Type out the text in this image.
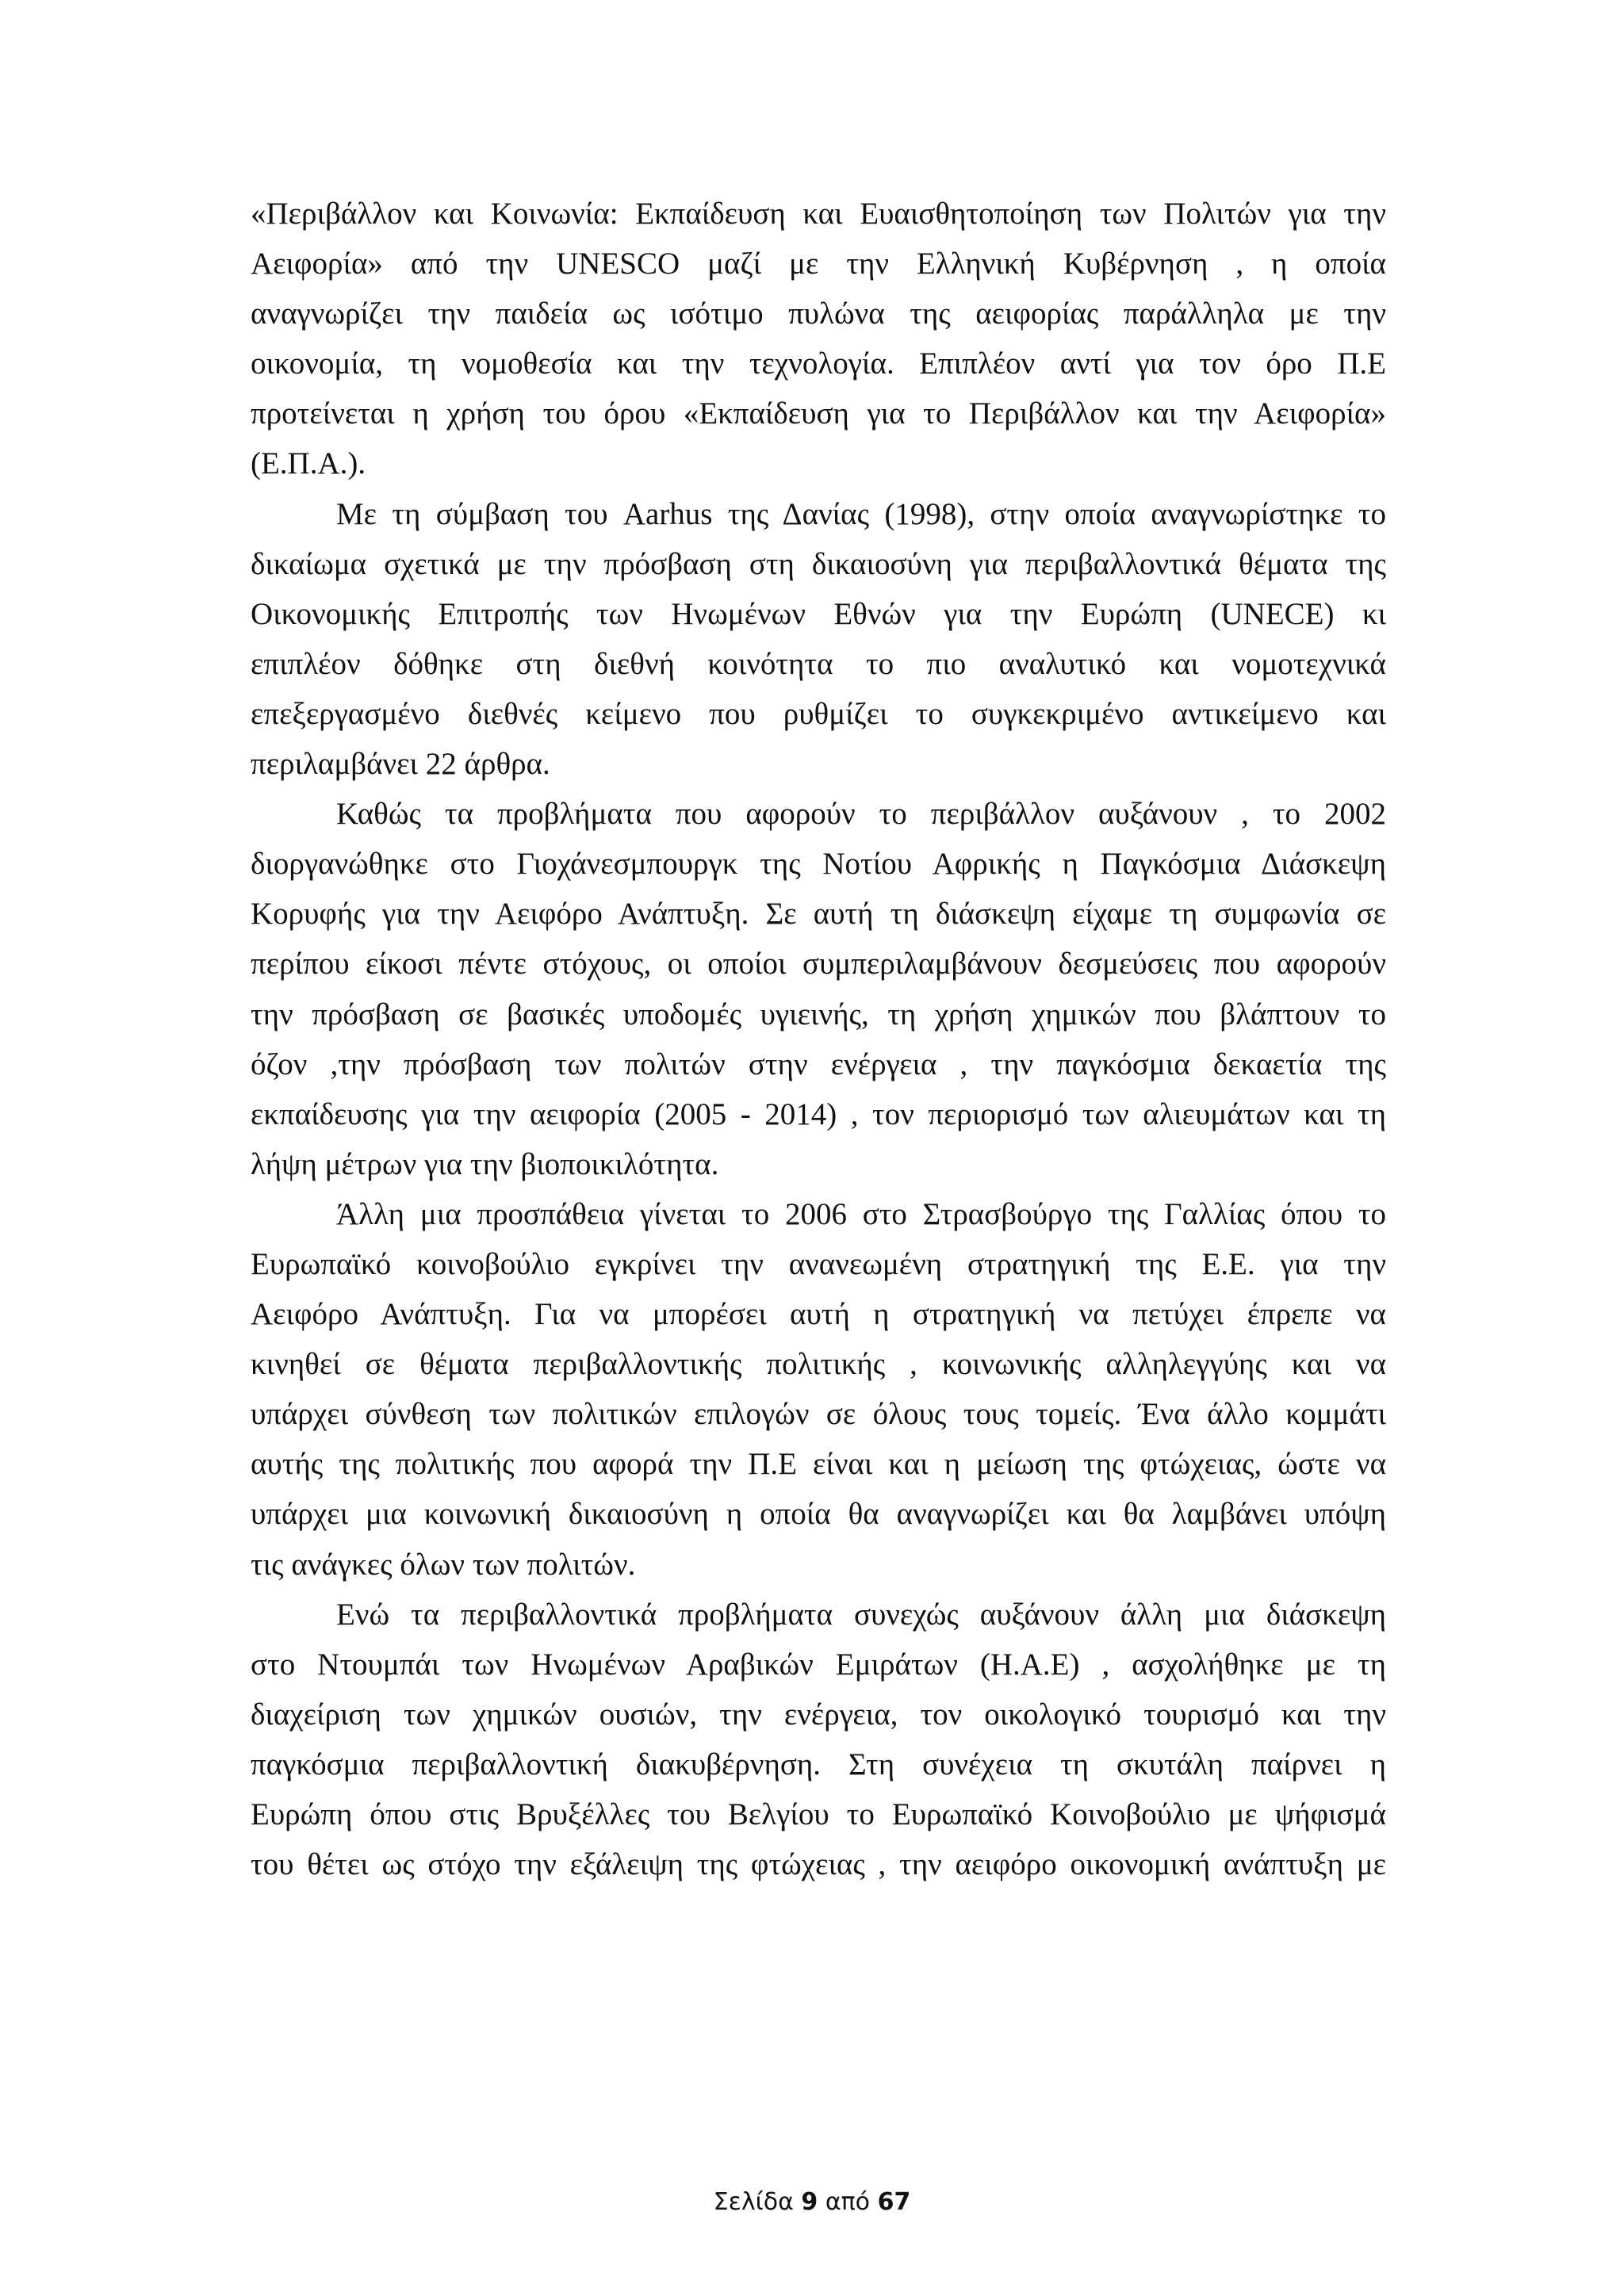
«Περιβάλλον και Κοινωνία: Εκπαίδευση και Ευαισθητοποίηση των Πολιτών για την
Αειφορία» από την UNESCO μαζί με την Ελληνική Κυβέρνηση , η οποία
αναγνωρίζει την παιδεία ως ισότιμο πυλώνα της αειφορίας παράλληλα με την
οικονομία, τη νομοθεσία και την τεχνολογία. Επιπλέον αντί για τον όρο Π.Ε
προτείνεται η χρήση του όρου «Εκπαίδευση για το Περιβάλλον και την Αειφορία»
(Ε.Π.Α.).
Με τη σύμβαση του Aarhus της Δανίας (1998), στην οποία αναγνωρίστηκε το
δικαίωμα σχετικά με την πρόσβαση στη δικαιοσύνη για περιβαλλοντικά θέματα της
Οικονομικής Επιτροπής των Ηνωμένων Εθνών για την Ευρώπη (UNECE) κι
επιπλέον δόθηκε στη διεθνή κοινότητα το πιο αναλυτικό και νομοτεχνικά
επεξεργασμένο διεθνές κείμενο που ρυθμίζει το συγκεκριμένο αντικείμενο και
περιλαμβάνει 22 άρθρα.
Καθώς τα προβλήματα που αφορούν το περιβάλλον αυξάνουν , το 2002
διοργανώθηκε στο Γιοχάνεσμπουργκ της Νοτίου Αφρικής η Παγκόσμια Διάσκεψη
Κορυφής για την Αειφόρο Ανάπτυξη. Σε αυτή τη διάσκεψη είχαμε τη συμφωνία σε
περίπου είκοσι πέντε στόχους, οι οποίοι συμπεριλαμβάνουν δεσμεύσεις που αφορούν
την πρόσβαση σε βασικές υποδομές υγιεινής, τη χρήση χημικών που βλάπτουν το
όζον ,την πρόσβαση των πολιτών στην ενέργεια , την παγκόσμια δεκαετία της
εκπαίδευσης για την αειφορία (2005 - 2014) , τον περιορισμό των αλιευμάτων και τη
λήψη μέτρων για την βιοποικιλότητα.
Άλλη μια προσπάθεια γίνεται το 2006 στο Στρασβούργο της Γαλλίας όπου το
Ευρωπαϊκό κοινοβούλιο εγκρίνει την ανανεωμένη στρατηγική της Ε.Ε. για την
Αειφόρο Ανάπτυξη. Για να μπορέσει αυτή η στρατηγική να πετύχει έπρεπε να
κινηθεί σε θέματα περιβαλλοντικής πολιτικής , κοινωνικής αλληλεγγύης και να
υπάρχει σύνθεση των πολιτικών επιλογών σε όλους τους τομείς. Ένα άλλο κομμάτι
αυτής της πολιτικής που αφορά την Π.Ε είναι και η μείωση της φτώχειας, ώστε να
υπάρχει μια κοινωνική δικαιοσύνη η οποία θα αναγνωρίζει και θα λαμβάνει υπόψη
τις ανάγκες όλων των πολιτών.
Ενώ τα περιβαλλοντικά προβλήματα συνεχώς αυξάνουν άλλη μια διάσκεψη
στο Ντουμπάι των Ηνωμένων Αραβικών Εμιράτων (Η.Α.Ε) , ασχολήθηκε με τη
διαχείριση των χημικών ουσιών, την ενέργεια, τον οικολογικό τουρισμό και την
παγκόσμια περιβαλλοντική διακυβέρνηση. Στη συνέχεια τη σκυτάλη παίρνει η
Ευρώπη όπου στις Βρυξέλλες του Βελγίου το Ευρωπαϊκό Κοινοβούλιο με ψήφισμά
του θέτει ως στόχο την εξάλειψη της φτώχειας , την αειφόρο οικονομική ανάπτυξη με
Σελίδα 9 από 67
